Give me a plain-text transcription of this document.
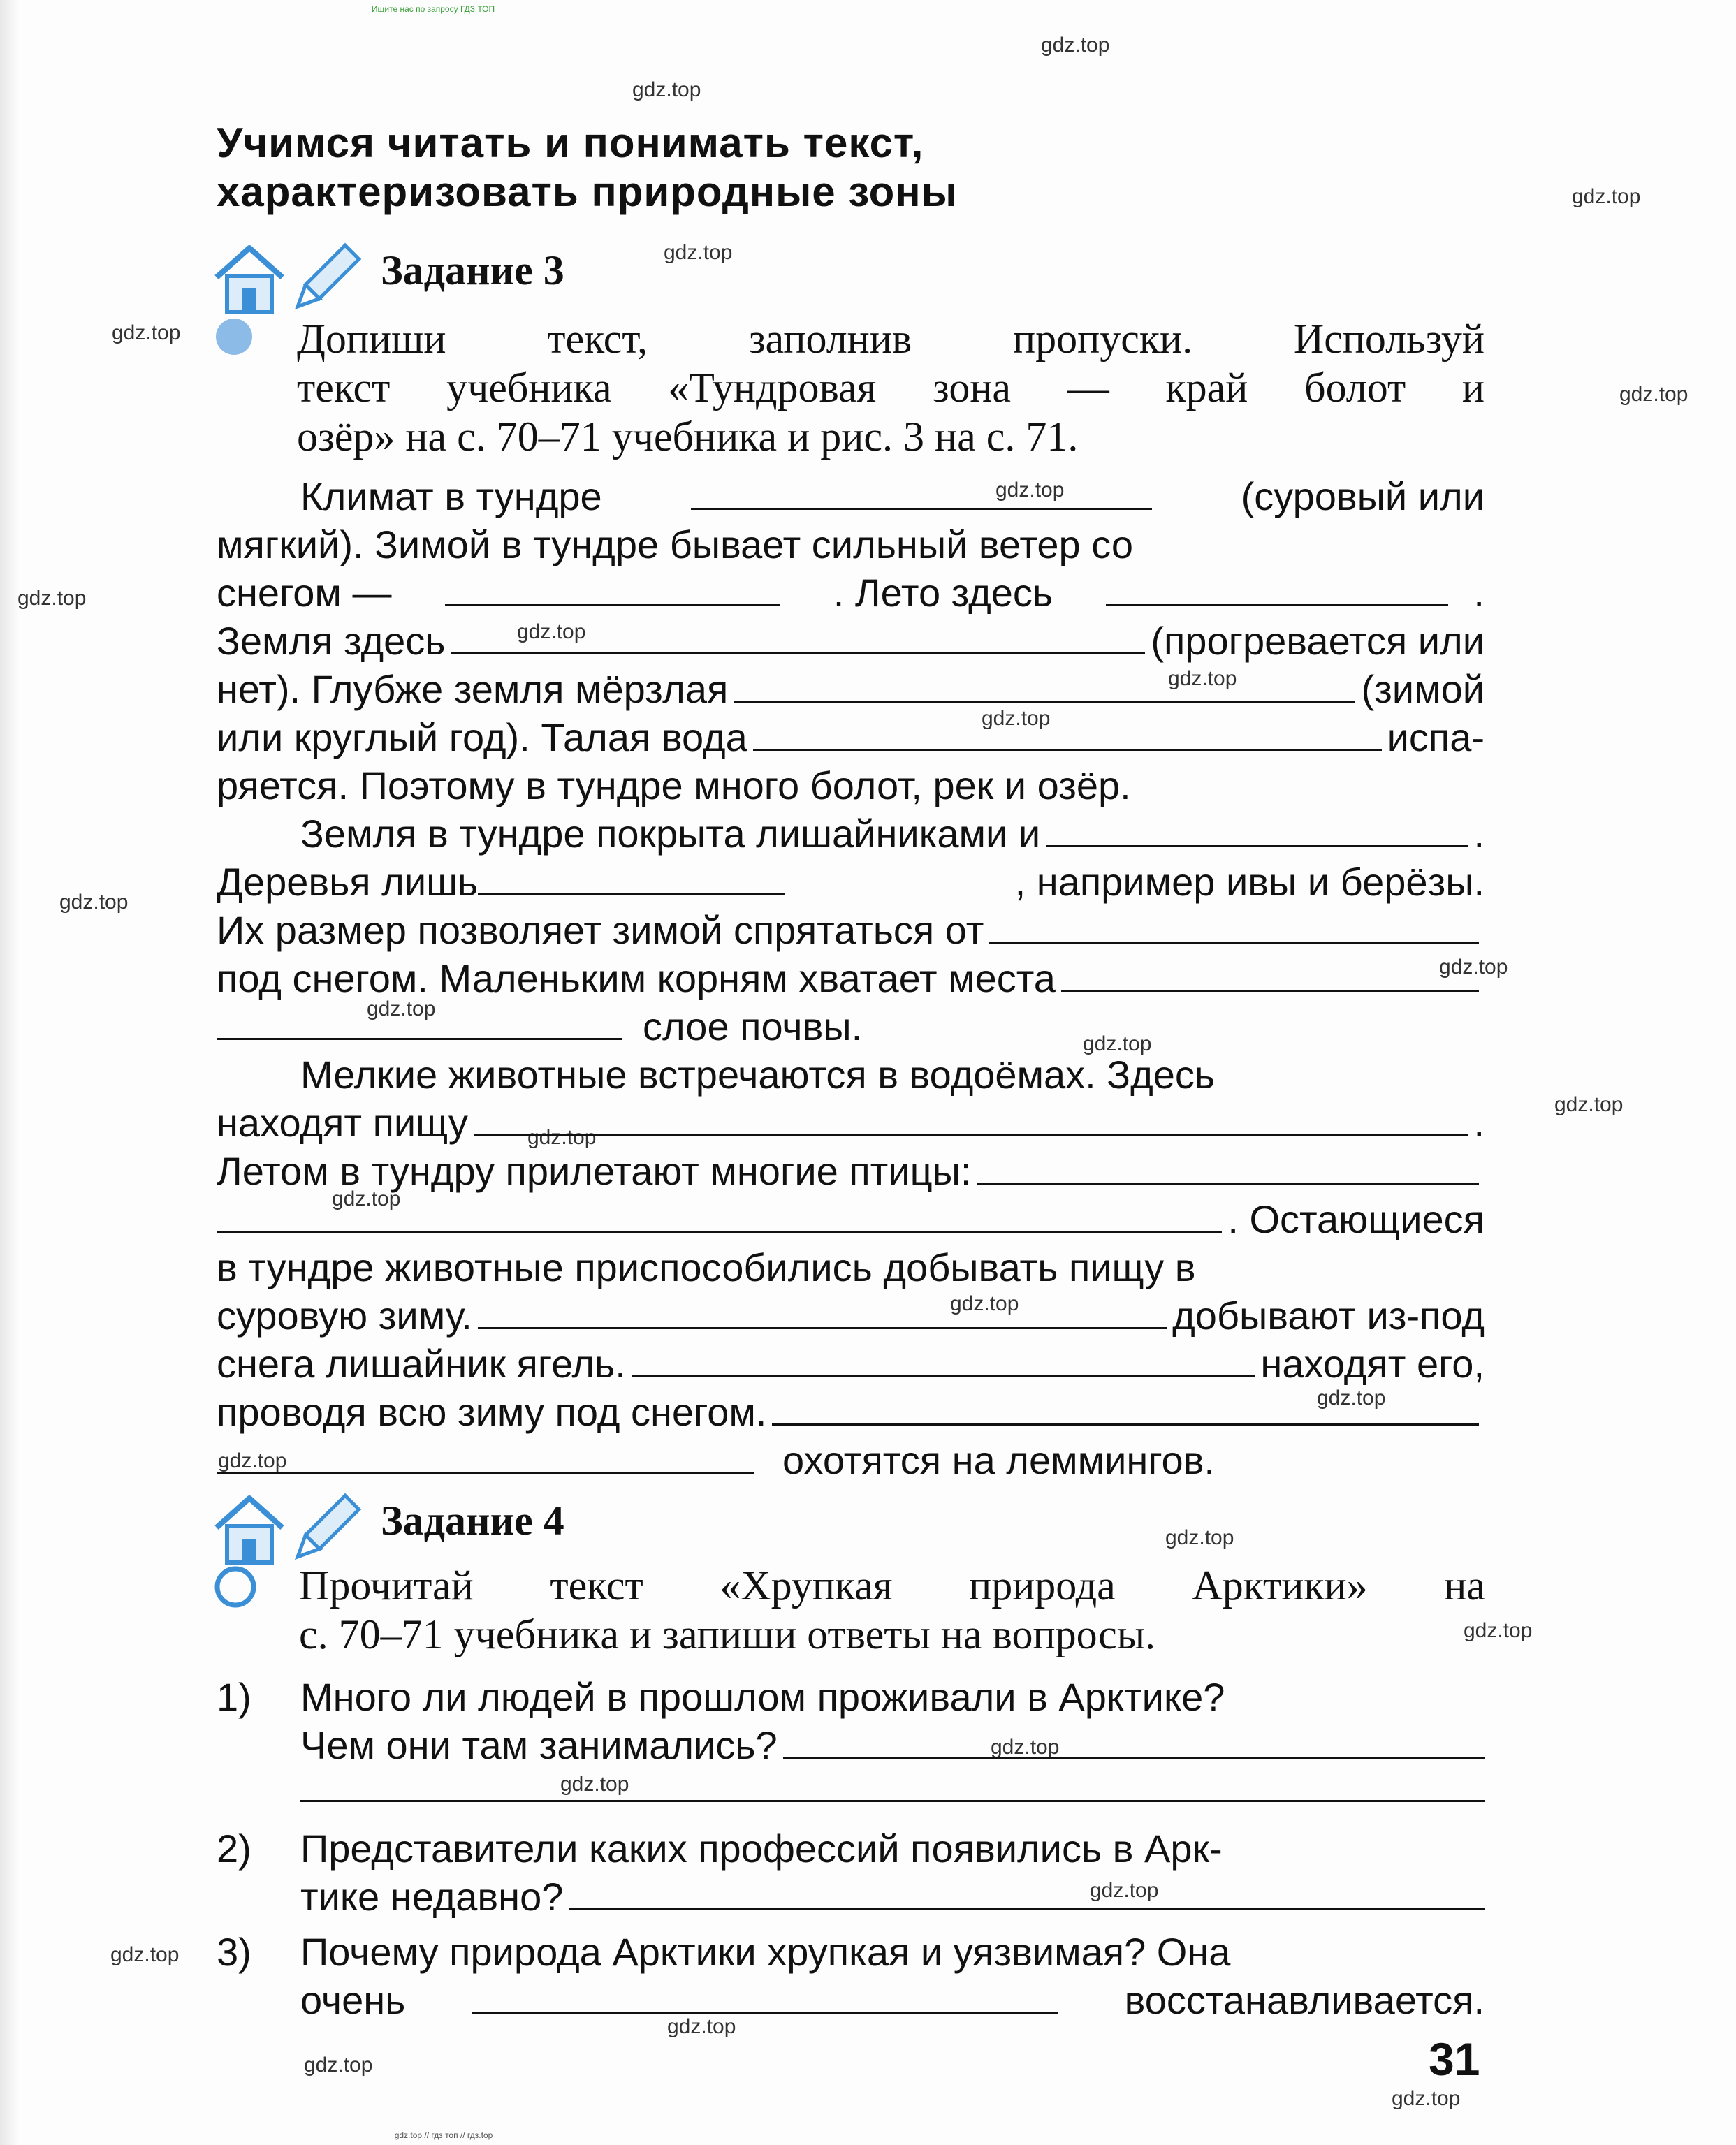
Ищите нас по запросу ГДЗ ТОП
gdz.top
gdz.top
gdz.top
gdz.top
gdz.top
gdz.top
gdz.top
gdz.top
gdz.top
gdz.top
gdz.top
gdz.top
gdz.top
gdz.top
gdz.top
gdz.top
gdz.top
gdz.top
gdz.top
gdz.top
gdz.top
gdz.top
gdz.top
gdz.top
gdz.top
gdz.top
gdz.top
gdz.top
gdz.top
gdz.top
Учимся читать и понимать текст,
характеризовать природные зоны
Задание 3
Допиши текст, заполнив пропуски. Используй
текст учебника «Тундровая зона — край болот и
озёр» на с. 70–71 учебника и рис. 3 на с. 71.
Климат в тундре	(суровый или
мягкий). Зимой в тундре бывает сильный ветер со
снегом —	. Лето здесь	.
Земля здесь	(прогревается или
нет). Глубже земля мёрзлая	(зимой
или круглый год). Талая вода	испа-
ряется. Поэтому в тундре много болот, рек и озёр.
Земля в тундре покрыта лишайниками и	.
Деревья лишь	, например ивы и берёзы.
Их размер позволяет зимой спрятаться от
под снегом. Маленьким корням хватает места
слое почвы.
Мелкие животные встречаются в водоёмах. Здесь
находят пищу	.
Летом в тундру прилетают многие птицы:
. Остающиеся
в тундре животные приспособились добывать пищу в
суровую зиму.	добывают из-под
снега лишайник ягель.	находят его,
проводя всю зиму под снегом.
охотятся на леммингов.
Задание 4
Прочитай текст «Хрупкая природа Арктики» на
с. 70–71 учебника и запиши ответы на вопросы.
1) Много ли людей в прошлом проживали в Арктике?
Чем они там занимались?
2) Представители каких профессий появились в Арк-
тике недавно?
3) Почему природа Арктики хрупкая и уязвимая? Она
очень	восстанавливается.
31
gdz.top // гдз топ // гдз.top
